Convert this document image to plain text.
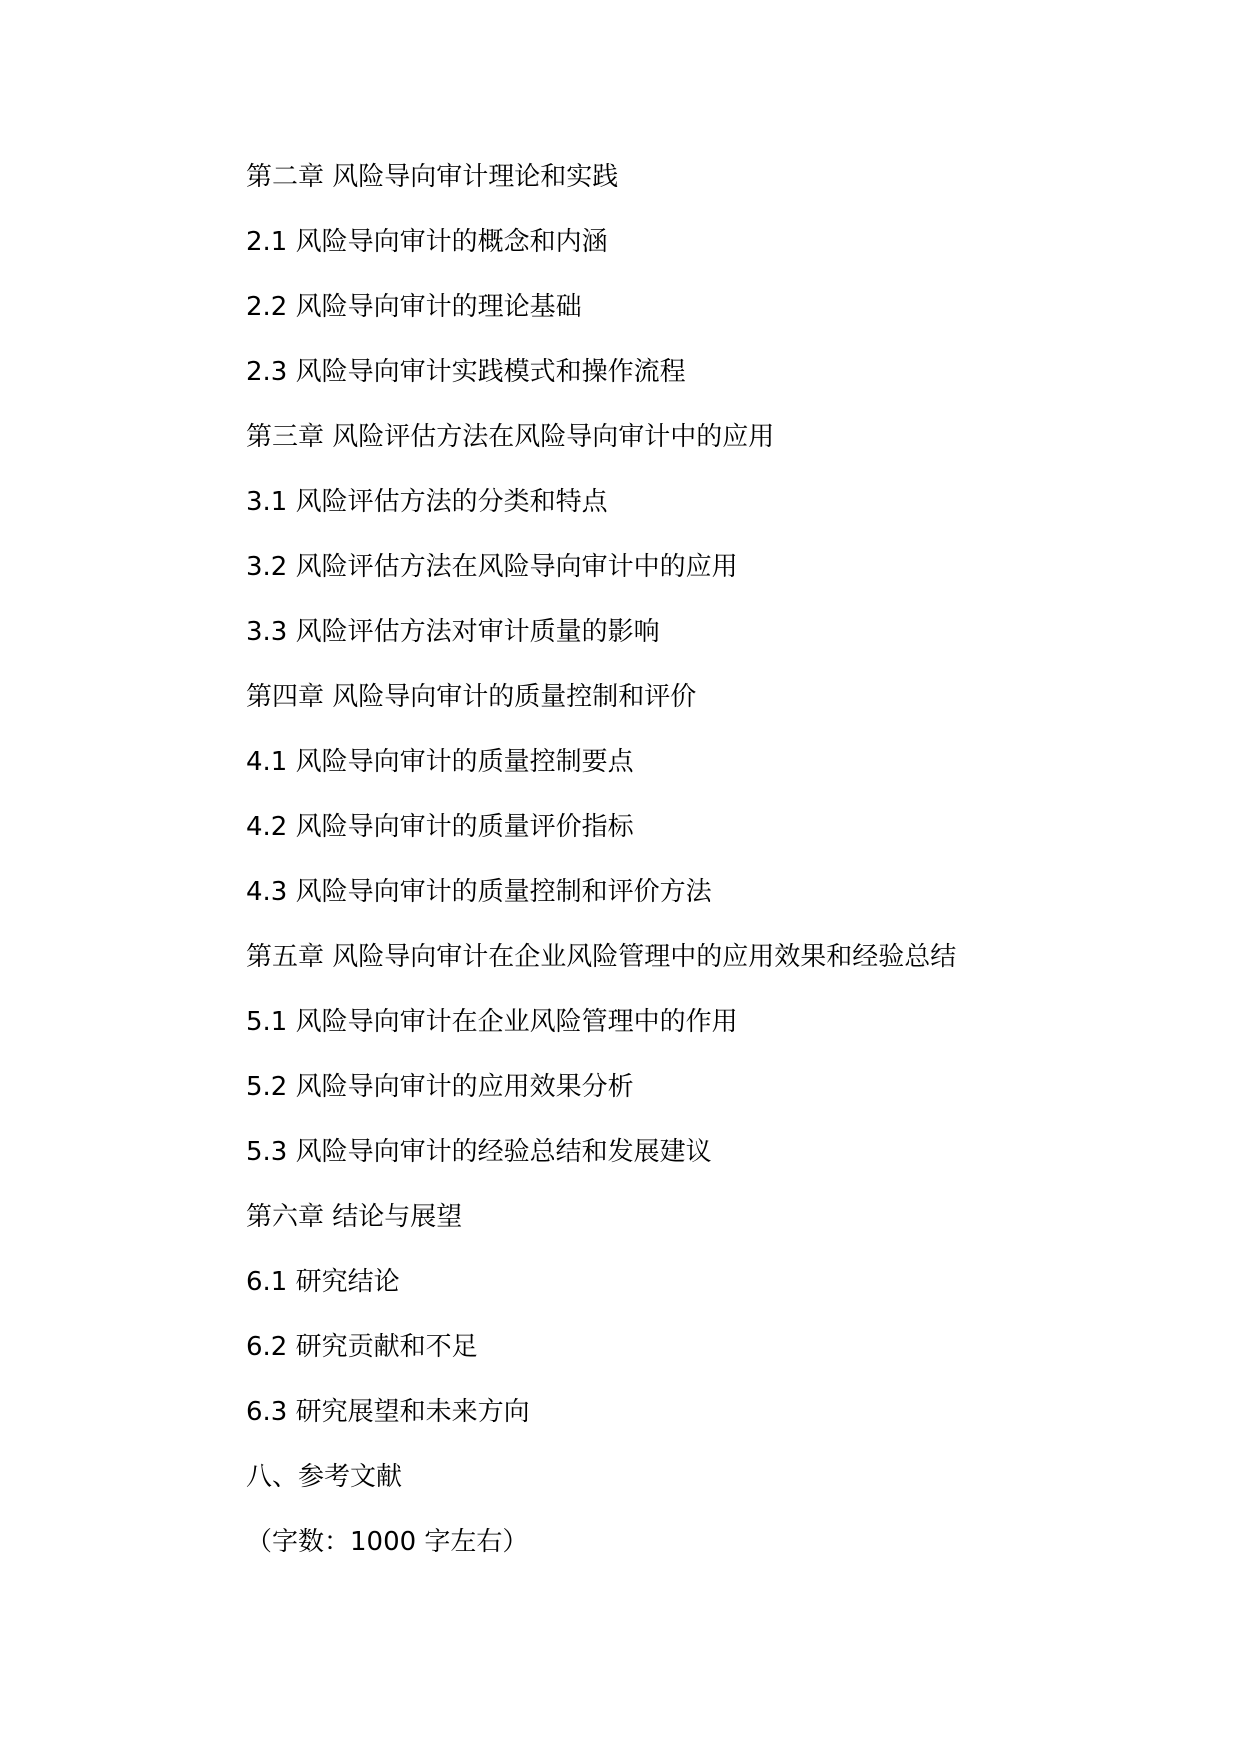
第二章 风险导向审计理论和实践
2.1 风险导向审计的概念和内涵
2.2 风险导向审计的理论基础
2.3 风险导向审计实践模式和操作流程
第三章 风险评估方法在风险导向审计中的应用
3.1 风险评估方法的分类和特点
3.2 风险评估方法在风险导向审计中的应用
3.3 风险评估方法对审计质量的影响
第四章 风险导向审计的质量控制和评价
4.1 风险导向审计的质量控制要点
4.2 风险导向审计的质量评价指标
4.3 风险导向审计的质量控制和评价方法
第五章 风险导向审计在企业风险管理中的应用效果和经验总结
5.1 风险导向审计在企业风险管理中的作用
5.2 风险导向审计的应用效果分析
5.3 风险导向审计的经验总结和发展建议
第六章 结论与展望
6.1 研究结论
6.2 研究贡献和不足
6.3 研究展望和未来方向
八、参考文献
（字数：1000 字左右）
